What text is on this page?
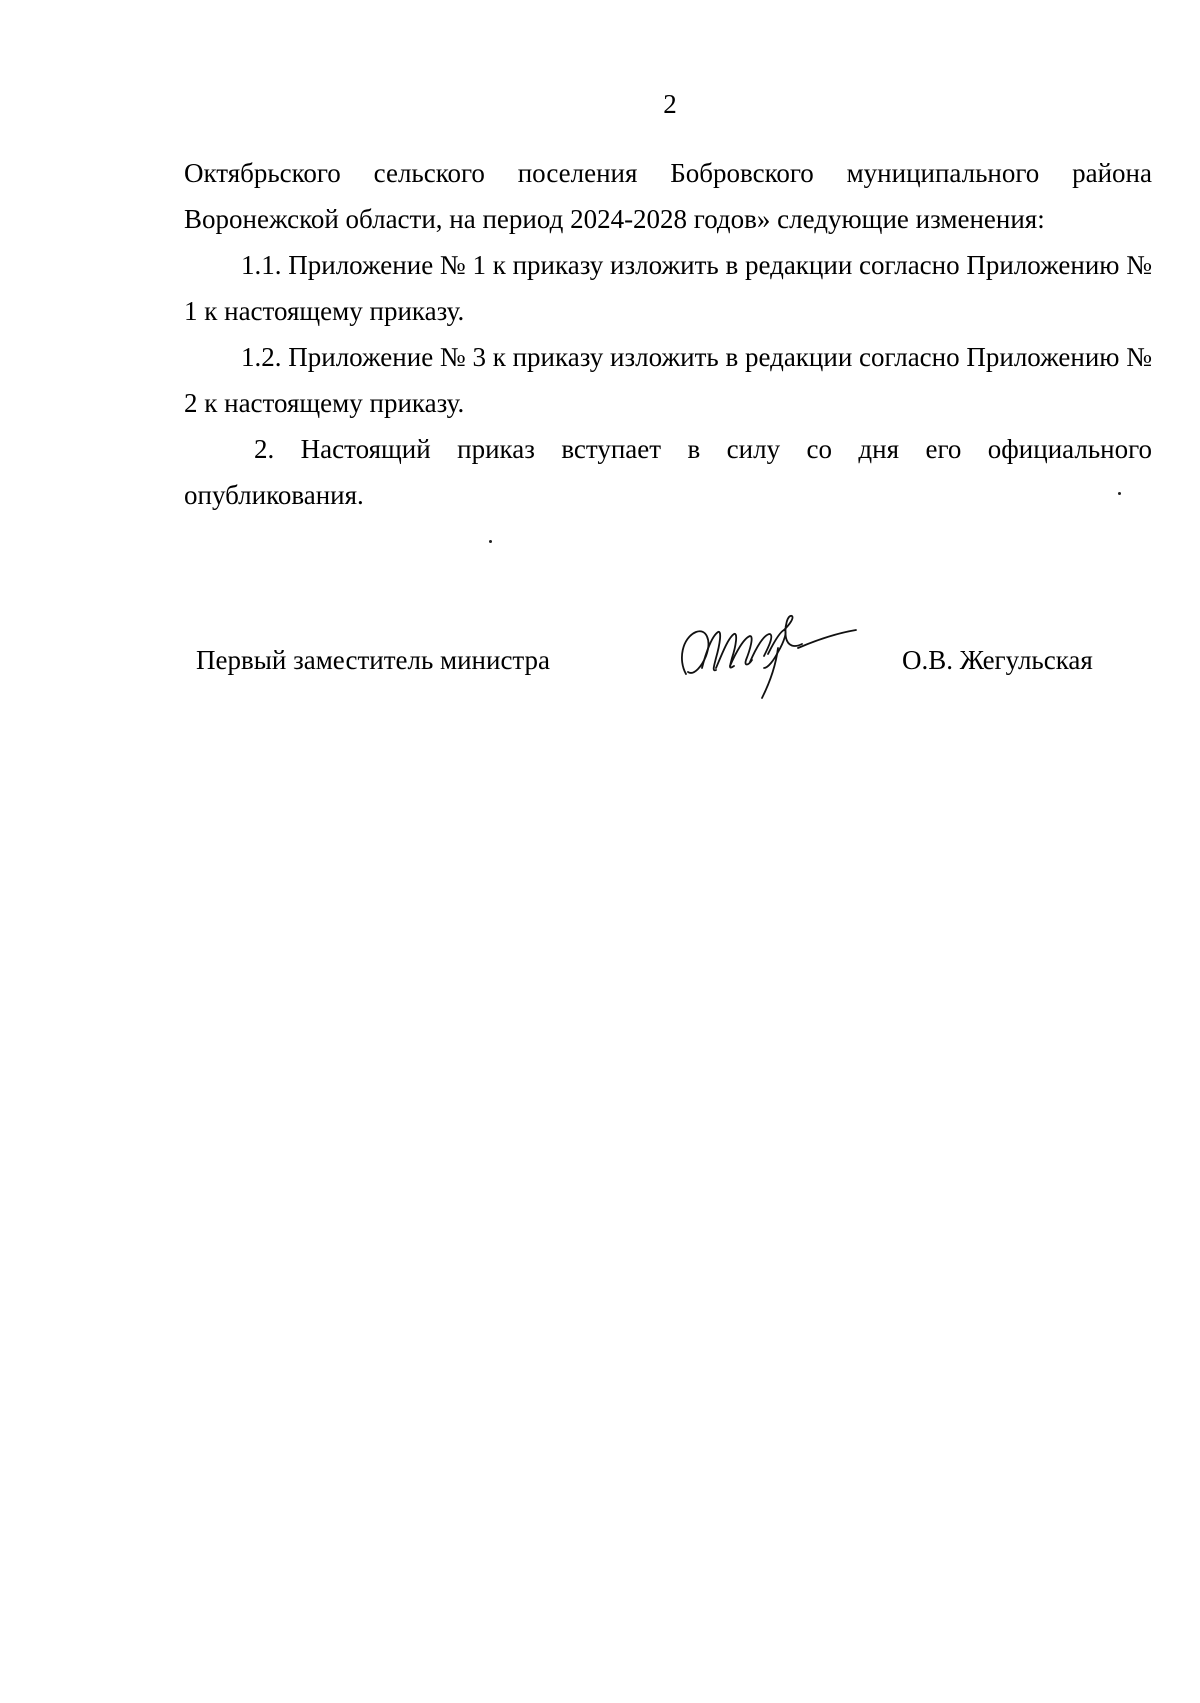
2

Октябрьского сельского поселения Бобровского муниципального района Воронежской области, на период 2024-2028 годов» следующие изменения:

1.1. Приложение № 1 к приказу изложить в редакции согласно Приложению № 1 к настоящему приказу.

1.2. Приложение № 3 к приказу изложить в редакции согласно Приложению № 2 к настоящему приказу.

2. Настоящий приказ вступает в силу со дня его официального опубликования.

Первый заместитель министра	О.В. Жегульская
